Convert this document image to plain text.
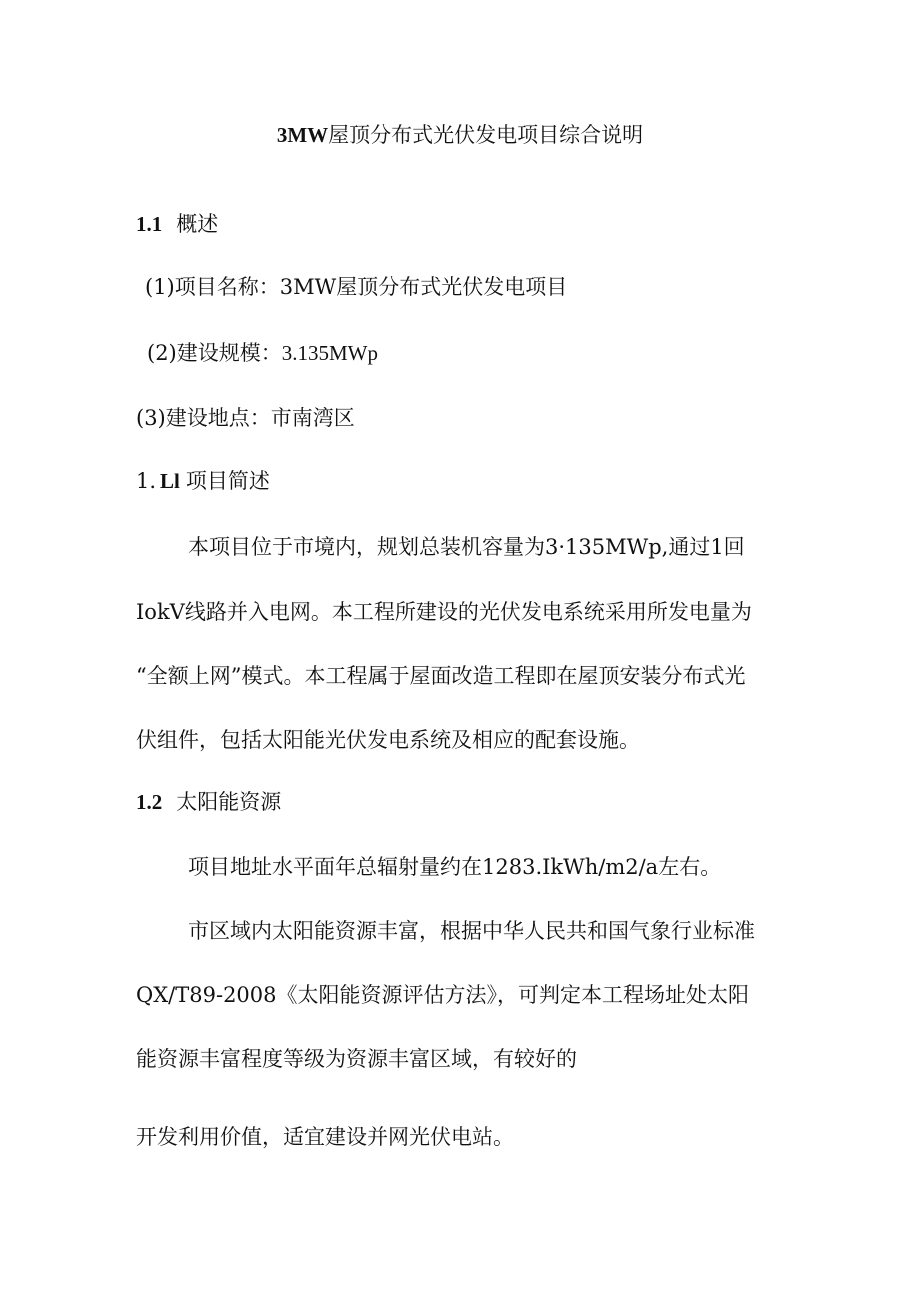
3MW屋顶分布式光伏发电项目综合说明
1.1 概述
(1)项目名称：3MW屋顶分布式光伏发电项目
(2)建设规模：3.135MWp
(3)建设地点：市南湾区
1. Ll 项目简述
本项目位于市境内，规划总装机容量为3·135MWp,通过1回
IokV线路并入电网。本工程所建设的光伏发电系统采用所发电量为
“全额上网”模式。本工程属于屋面改造工程即在屋顶安装分布式光
伏组件，包括太阳能光伏发电系统及相应的配套设施。
1.2 太阳能资源
项目地址水平面年总辐射量约在1283.IkWh∕m2∕a左右。
市区域内太阳能资源丰富，根据中华人民共和国气象行业标准
QX/T89-2008《太阳能资源评估方法》，可判定本工程场址处太阳
能资源丰富程度等级为资源丰富区域，有较好的
开发利用价值，适宜建设并网光伏电站。
